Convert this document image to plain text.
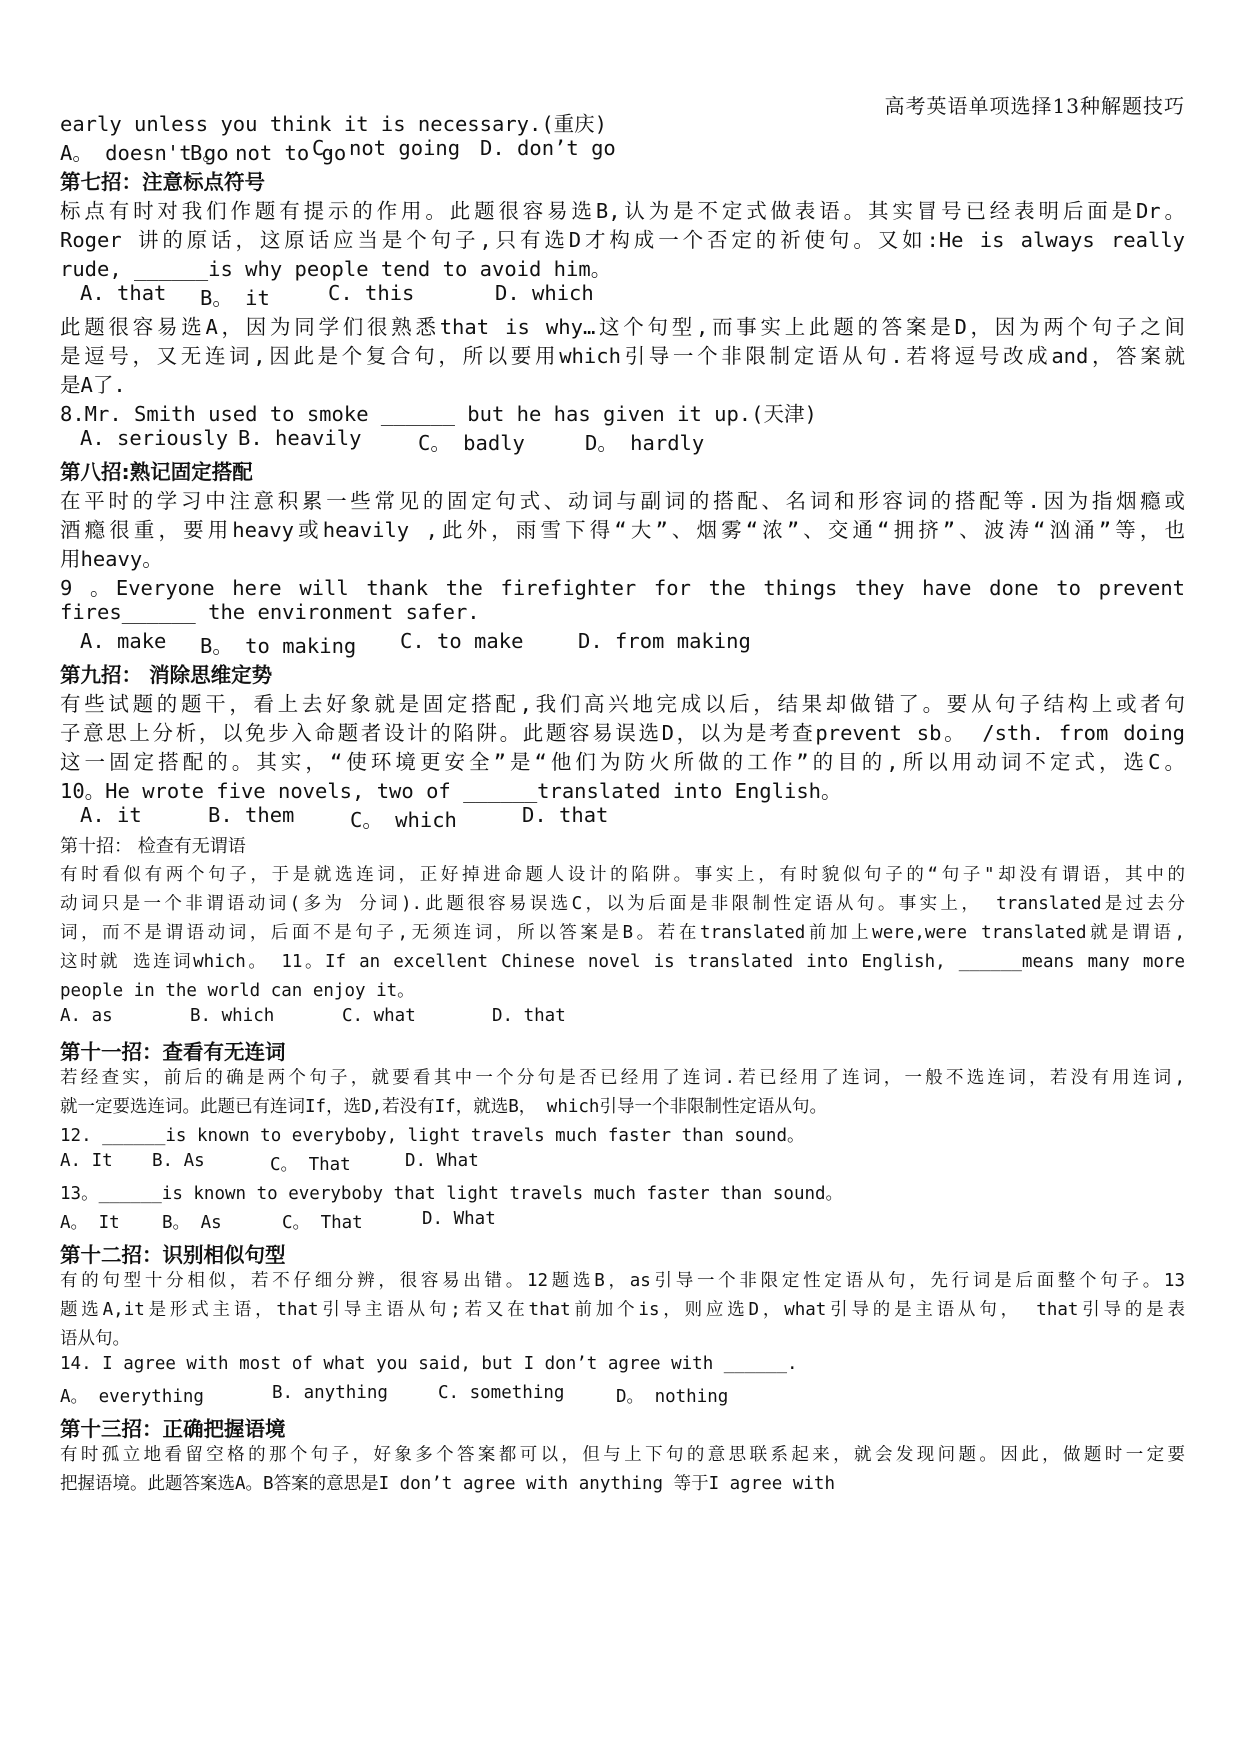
early unless you think it is necessary.(重庆)
A。 doesn't go
B。 not to go
C. not going D. don’t go
第七招：注意标点符号
标点有时对我们作题有提示的作用。此题很容易选B,认为是不定式做表语。其实冒号已经表明后面是Dr。
Roger 讲的原话，这原话应当是个句子,只有选D才构成一个否定的祈使句。又如:He is always really
rude, ______is why people tend to avoid him。
A. that B。 it	C. this	D. which
此题很容易选A，因为同学们很熟悉that is why…这个句型,而事实上此题的答案是D，因为两个句子之间
是逗号，又无连词,因此是个复合句，所以要用which引导一个非限制定语从句.若将逗号改成and，答案就
是A了.
8.Mr. Smith used to smoke ______ but he has given it up.(天津)
A. seriously B. heavily	C。 badly	D。 hardly
第八招:熟记固定搭配
在平时的学习中注意积累一些常见的固定句式、动词与副词的搭配、名词和形容词的搭配等.因为指烟瘾或
酒瘾很重，要用heavy或heavily ,此外，雨雪下得“大”、烟雾“浓”、交通“拥挤”、波涛“汹涌”等，也
用heavy。
9 。Everyone here will thank the firefighter for the things they have done to prevent
fires______ the environment safer.
A. make B。 to making C. to make	D. from making
第九招： 消除思维定势
有些试题的题干，看上去好象就是固定搭配,我们高兴地完成以后，结果却做错了。要从句子结构上或者句
子意思上分析，以免步入命题者设计的陷阱。此题容易误选D，以为是考查prevent sb。 /sth. from doing
这一固定搭配的。其实，“使环境更安全”是“他们为防火所做的工作”的目的,所以用动词不定式，选C。
10。He wrote five novels, two of ______translated into English。
A. it	B. them	C。 which	D. that
第十招： 检查有无谓语
有时看似有两个句子，于是就选连词，正好掉进命题人设计的陷阱。事实上，有时貌似句子的“句子"却没有谓语，其中的
动词只是一个非谓语动词(多为 分词).此题很容易误选C，以为后面是非限制性定语从句。事实上， translated是过去分
词，而不是谓语动词，后面不是句子,无须连词，所以答案是B。若在translated前加上were,were translated就是谓语,
这时就 选连词which。 11。If an excellent Chinese novel is translated into English, ______means many more
people in the world can enjoy it。
A. as	B. which	C. what	D. that
第十一招：查看有无连词
若经查实，前后的确是两个句子，就要看其中一个分句是否已经用了连词.若已经用了连词，一般不选连词，若没有用连词,
就一定要选连词。此题已有连词If，选D,若没有If，就选B， which引导一个非限制性定语从句。
12. ______is known to everyboby, light travels much faster than sound。
A. It B. As	C。 That	D. What
13。______is known to everyboby that light travels much faster than sound。
A。 It B。 As	C。 That	D. What
第十二招：识别相似句型
有的句型十分相似，若不仔细分辨，很容易出错。12题选B，as引导一个非限定性定语从句，先行词是后面整个句子。13
题选A,it是形式主语，that引导主语从句;若又在that前加个is，则应选D，what引导的是主语从句， that引导的是表
语从句。
14. I agree with most of what you said, but I don’t agree with ______.
A。 everything	B. anything	C. something	D。 nothing
第十三招：正确把握语境
有时孤立地看留空格的那个句子，好象多个答案都可以，但与上下句的意思联系起来，就会发现问题。因此，做题时一定要
把握语境。此题答案选A。B答案的意思是I don’t agree with anything 等于I agree with
高考英语单项选择13种解题技巧
